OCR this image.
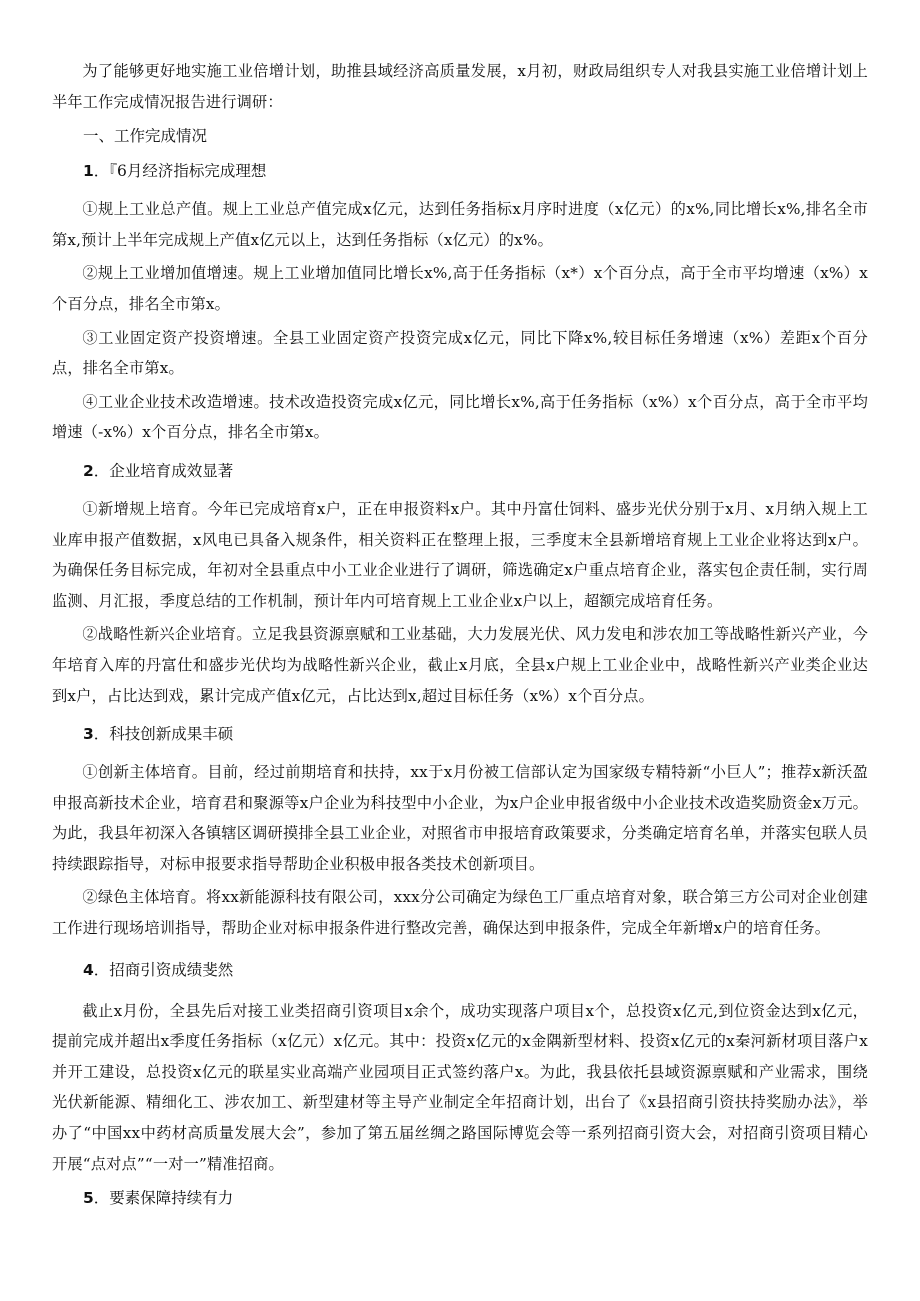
为了能够更好地实施工业倍增计划，助推县域经济高质量发展，x月初，财政局组织专人对我县实施工业倍增计划上半年工作完成情况报告进行调研：

一、工作完成情况

1．『6月经济指标完成理想

①规上工业总产值。规上工业总产值完成x亿元，达到任务指标x月序时进度（x亿元）的x%,同比增长x%,排名全市第x,预计上半年完成规上产值x亿元以上，达到任务指标（x亿元）的x%。

②规上工业增加值增速。规上工业增加值同比增长x%,高于任务指标（x*）x个百分点，高于全市平均增速（x%）x个百分点，排名全市第x。

③工业固定资产投资增速。全县工业固定资产投资完成x亿元，同比下降x%,较目标任务增速（x%）差距x个百分点，排名全市第x。

④工业企业技术改造增速。技术改造投资完成x亿元，同比增长x%,高于任务指标（x%）x个百分点，高于全市平均增速（-x%）x个百分点，排名全市第x。

2．企业培育成效显著

①新增规上培育。今年已完成培育x户，正在申报资料x户。其中丹富仕饲料、盛步光伏分别于x月、x月纳入规上工业库申报产值数据，x风电已具备入规条件，相关资料正在整理上报，三季度末全县新增培育规上工业企业将达到x户。为确保任务目标完成，年初对全县重点中小工业企业进行了调研，筛选确定x户重点培育企业，落实包企责任制，实行周监测、月汇报，季度总结的工作机制，预计年内可培育规上工业企业x户以上，超额完成培育任务。

②战略性新兴企业培育。立足我县资源禀赋和工业基础，大力发展光伏、风力发电和涉农加工等战略性新兴产业，今年培育入库的丹富仕和盛步光伏均为战略性新兴企业，截止x月底，全县x户规上工业企业中，战略性新兴产业类企业达到x户，占比达到戏，累计完成产值x亿元，占比达到x,超过目标任务（x%）x个百分点。

3．科技创新成果丰硕

①创新主体培育。目前，经过前期培育和扶持，xx于x月份被工信部认定为国家级专精特新“小巨人”；推荐x新沃盈申报高新技术企业，培育君和聚源等x户企业为科技型中小企业，为x户企业申报省级中小企业技术改造奖励资金x万元。为此，我县年初深入各镇辖区调研摸排全县工业企业，对照省市申报培育政策要求，分类确定培育名单，并落实包联人员持续跟踪指导，对标申报要求指导帮助企业积极申报各类技术创新项目。

②绿色主体培育。将xx新能源科技有限公司，xxx分公司确定为绿色工厂重点培育对象，联合第三方公司对企业创建工作进行现场培训指导，帮助企业对标申报条件进行整改完善，确保达到申报条件，完成全年新增x户的培育任务。

4．招商引资成绩斐然

截止x月份，全县先后对接工业类招商引资项目x余个，成功实现落户项目x个，总投资x亿元,到位资金达到x亿元，提前完成并超出x季度任务指标（x亿元）x亿元。其中：投资x亿元的x金隅新型材料、投资x亿元的x秦河新材项目落户x并开工建设，总投资x亿元的联星实业高端产业园项目正式签约落户x。为此，我县依托县域资源禀赋和产业需求，围绕光伏新能源、精细化工、涉农加工、新型建材等主导产业制定全年招商计划，出台了《x县招商引资扶持奖励办法》，举办了“中国xx中药材高质量发展大会”，参加了第五届丝绸之路国际博览会等一系列招商引资大会，对招商引资项目精心开展“点对点”“一对一”精准招商。

5．要素保障持续有力
